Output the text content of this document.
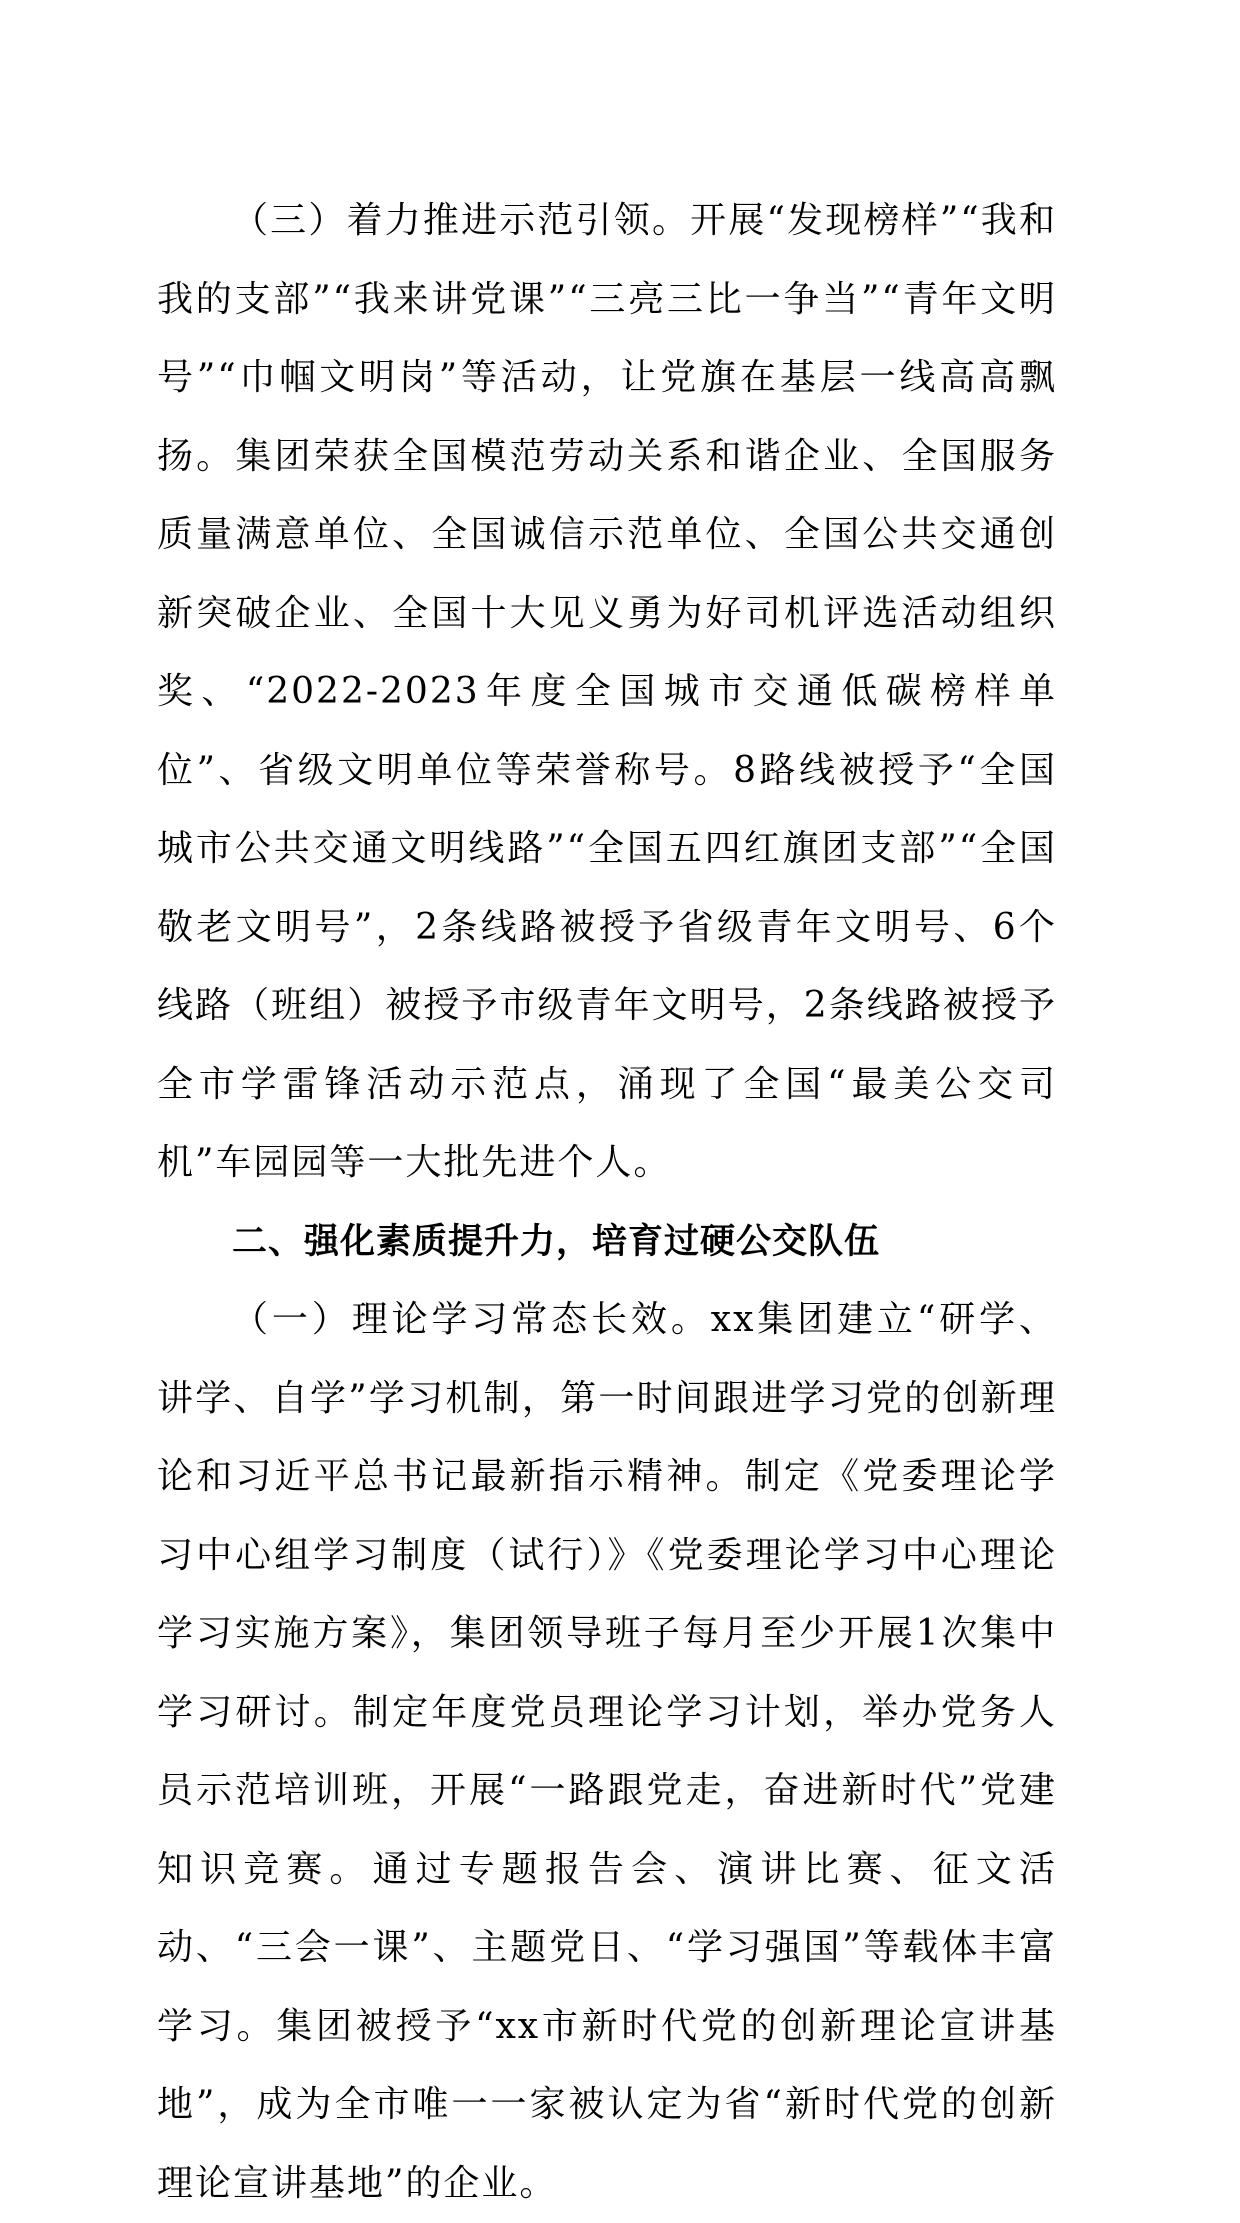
（三）着力推进示范引领。开展“发现榜样”“我和我的支部”“我来讲党课”“三亮三比一争当”“青年文明号”“巾帼文明岗”等活动，让党旗在基层一线高高飘扬。集团荣获全国模范劳动关系和谐企业、全国服务质量满意单位、全国诚信示范单位、全国公共交通创新突破企业、全国十大见义勇为好司机评选活动组织奖、“2022-2023年度全国城市交通低碳榜样单位”、省级文明单位等荣誉称号。8路线被授予“全国城市公共交通文明线路”“全国五四红旗团支部”“全国敬老文明号”，2条线路被授予省级青年文明号、6个线路（班组）被授予市级青年文明号，2条线路被授予全市学雷锋活动示范点，涌现了全国“最美公交司机”车园园等一大批先进个人。

二、强化素质提升力，培育过硬公交队伍

（一）理论学习常态长效。xx集团建立“研学、讲学、自学”学习机制，第一时间跟进学习党的创新理论和习近平总书记最新指示精神。制定《党委理论学习中心组学习制度（试行）》《党委理论学习中心理论学习实施方案》，集团领导班子每月至少开展1次集中学习研讨。制定年度党员理论学习计划，举办党务人员示范培训班，开展“一路跟党走，奋进新时代”党建知识竞赛。通过专题报告会、演讲比赛、征文活动、“三会一课”、主题党日、“学习强国”等载体丰富学习。集团被授予“xx市新时代党的创新理论宣讲基地”，成为全市唯一一家被认定为省“新时代党的创新理论宣讲基地”的企业。
